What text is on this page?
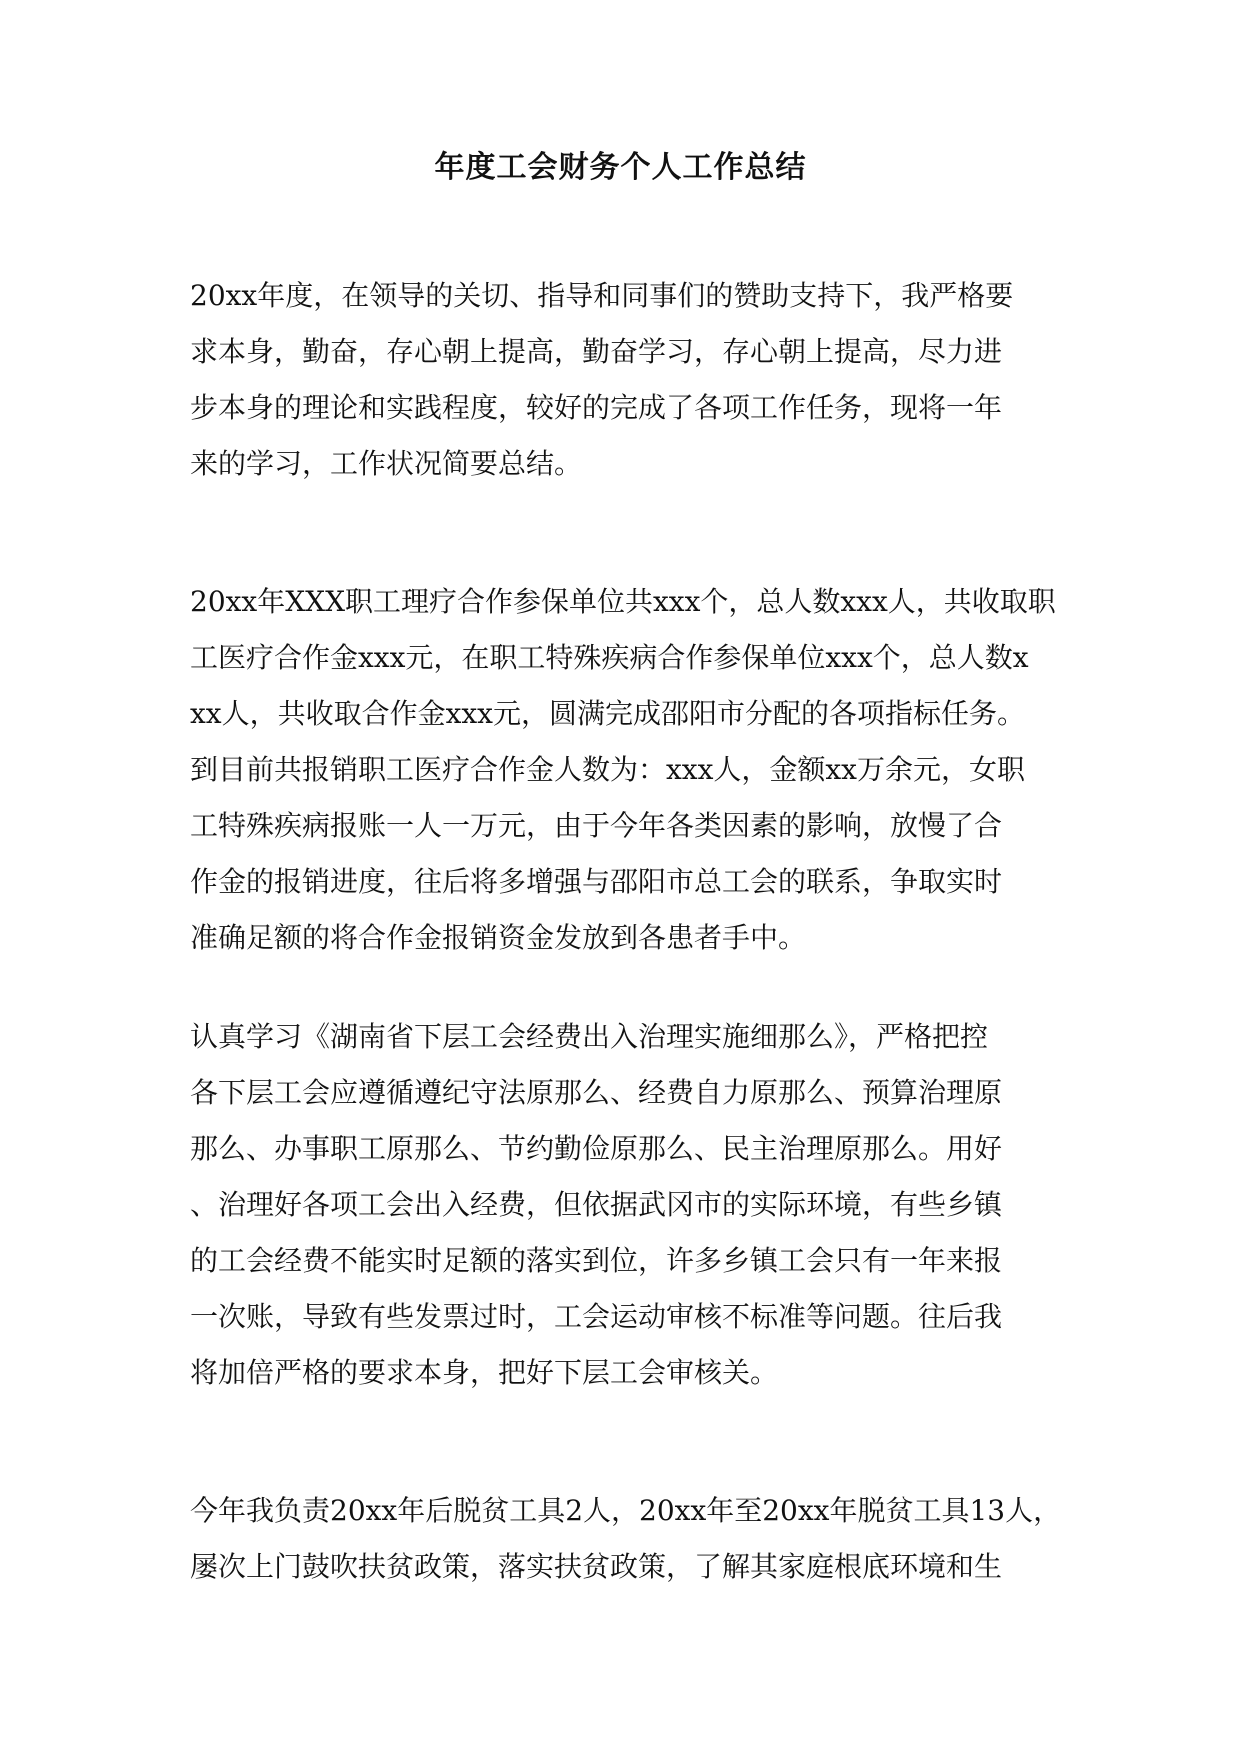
年度工会财务个人工作总结
20xx年度，在领导的关切、指导和同事们的赞助支持下，我严格要
求本身，勤奋，存心朝上提高，勤奋学习，存心朝上提高，尽力进
步本身的理论和实践程度，较好的完成了各项工作任务，现将一年
来的学习，工作状况简要总结。
20xx年XXX职工理疗合作参保单位共xxx个，总人数xxx人，共收取职
工医疗合作金xxx元，在职工特殊疾病合作参保单位xxx个，总人数x
xx人，共收取合作金xxx元，圆满完成邵阳市分配的各项指标任务。
到目前共报销职工医疗合作金人数为：xxx人，金额xx万余元，女职
工特殊疾病报账一人一万元，由于今年各类因素的影响，放慢了合
作金的报销进度，往后将多增强与邵阳市总工会的联系，争取实时
准确足额的将合作金报销资金发放到各患者手中。
认真学习《湖南省下层工会经费出入治理实施细那么》，严格把控
各下层工会应遵循遵纪守法原那么、经费自力原那么、预算治理原
那么、办事职工原那么、节约勤俭原那么、民主治理原那么。用好
、治理好各项工会出入经费，但依据武冈市的实际环境，有些乡镇
的工会经费不能实时足额的落实到位，许多乡镇工会只有一年来报
一次账，导致有些发票过时，工会运动审核不标准等问题。往后我
将加倍严格的要求本身，把好下层工会审核关。
今年我负责20xx年后脱贫工具2人，20xx年至20xx年脱贫工具13人，
屡次上门鼓吹扶贫政策，落实扶贫政策，了解其家庭根底环境和生
